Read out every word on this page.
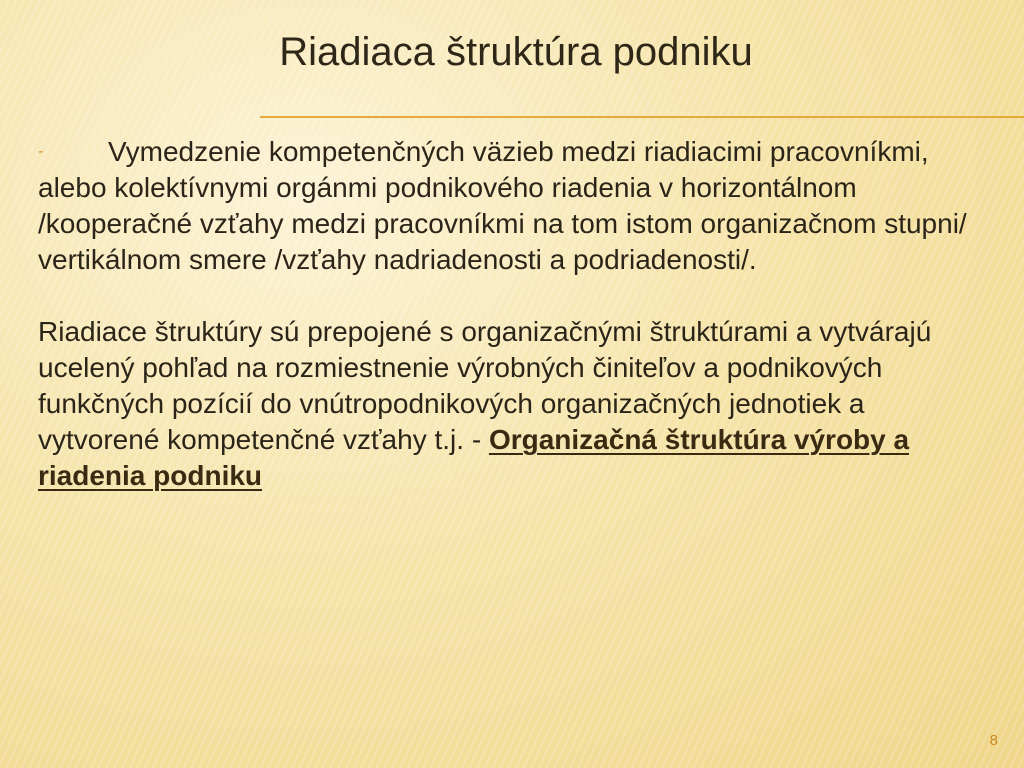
Riadiaca štruktúra podniku

- Vymedzenie kompetenčných väzieb medzi riadiacimi pracovníkmi, alebo kolektívnymi orgánmi podnikového riadenia v horizontálnom /kooperačné vzťahy medzi pracovníkmi na tom istom organizačnom stupni/ vertikálnom smere /vzťahy nadriadenosti a podriadenosti/.

Riadiace štruktúry sú prepojené s organizačnými štruktúrami a vytvárajú ucelený pohľad na rozmiestnenie výrobných činiteľov a podnikových funkčných pozícií do vnútropodnikových organizačných jednotiek a vytvorené kompetenčné vzťahy t.j. - Organizačná štruktúra výroby a riadenia podniku

8
